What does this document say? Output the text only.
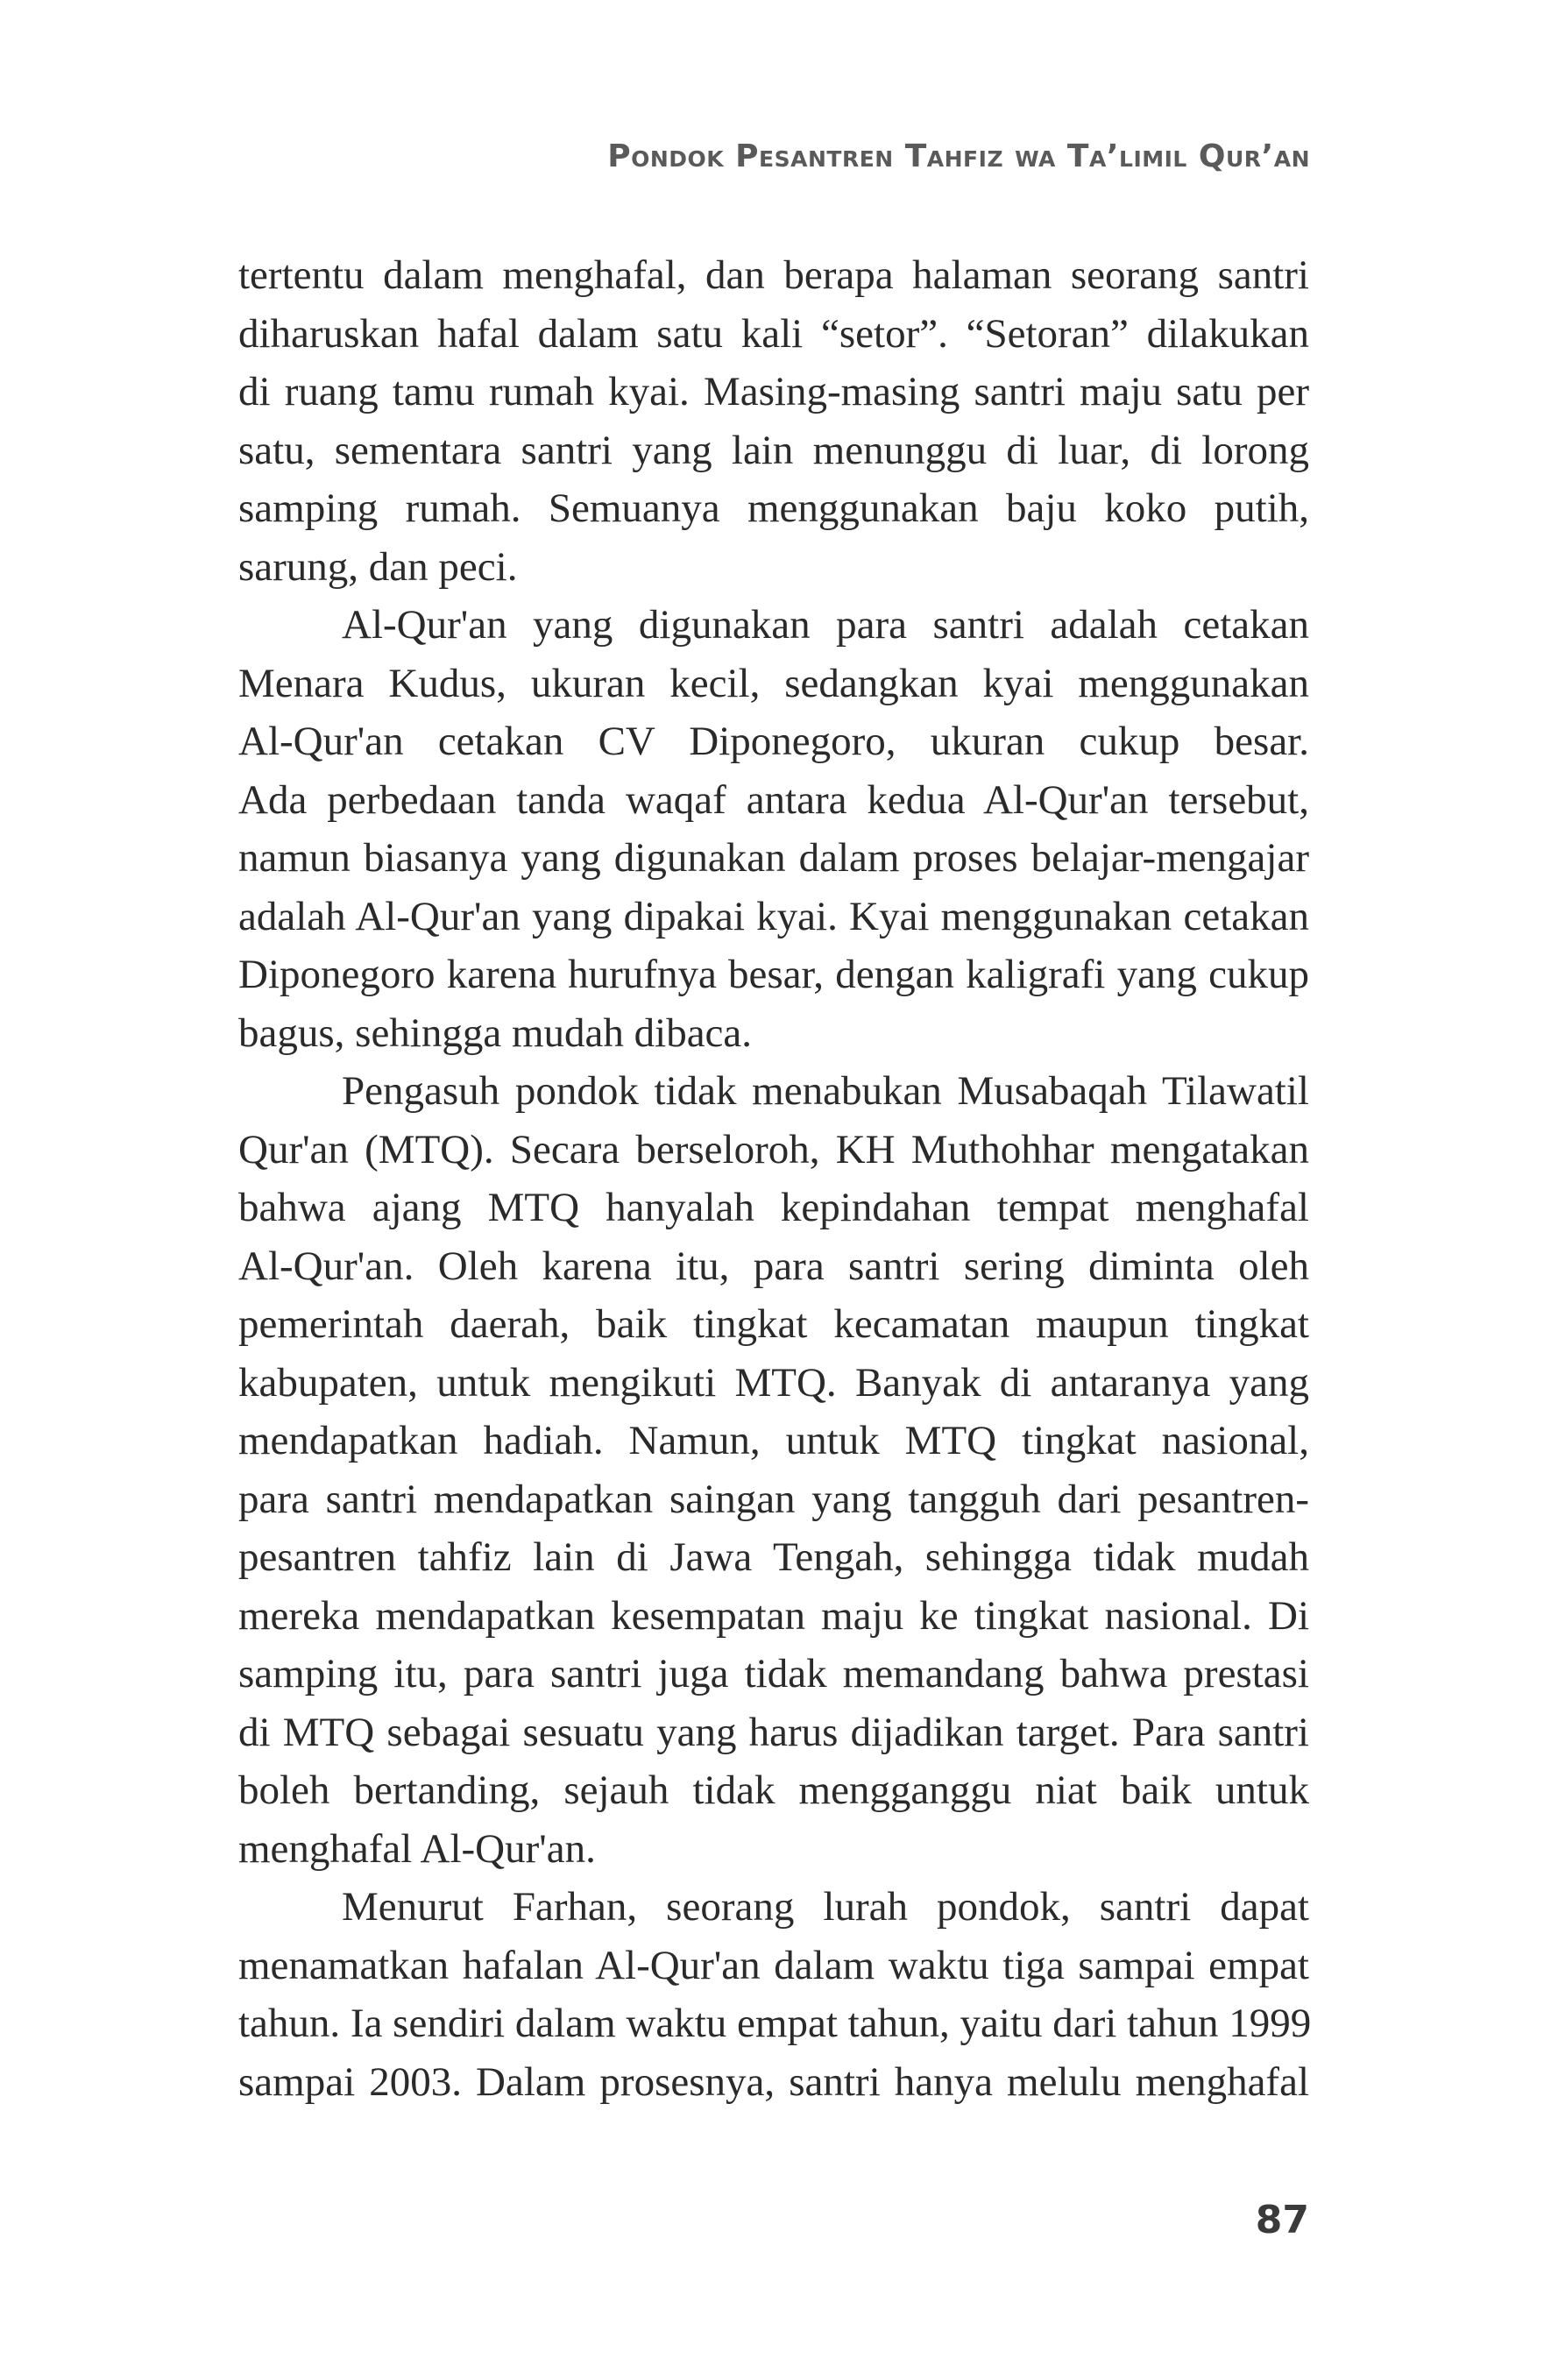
Pondok Pesantren Tahfiz wa Ta’limil Qur’an
tertentu dalam menghafal, dan berapa halaman seorang santri
diharuskan hafal dalam satu kali “setor”. “Setoran” dilakukan
di ruang tamu rumah kyai. Masing-masing santri maju satu per
satu, sementara santri yang lain menunggu di luar, di lorong
samping rumah. Semuanya menggunakan baju koko putih,
sarung, dan peci.
Al-Qur'an yang digunakan para santri adalah cetakan
Menara Kudus, ukuran kecil, sedangkan kyai menggunakan
Al-Qur'an cetakan CV Diponegoro, ukuran cukup besar.
Ada perbedaan tanda waqaf antara kedua Al-Qur'an tersebut,
namun biasanya yang digunakan dalam proses belajar-mengajar
adalah Al-Qur'an yang dipakai kyai. Kyai menggunakan cetakan
Diponegoro karena hurufnya besar, dengan kaligrafi yang cukup
bagus, sehingga mudah dibaca.
Pengasuh pondok tidak menabukan Musabaqah Tilawatil
Qur'an (MTQ). Secara berseloroh, KH Muthohhar mengatakan
bahwa ajang MTQ hanyalah kepindahan tempat menghafal
Al-Qur'an. Oleh karena itu, para santri sering diminta oleh
pemerintah daerah, baik tingkat kecamatan maupun tingkat
kabupaten, untuk mengikuti MTQ. Banyak di antaranya yang
mendapatkan hadiah. Namun, untuk MTQ tingkat nasional,
para santri mendapatkan saingan yang tangguh dari pesantren-
pesantren tahfiz lain di Jawa Tengah, sehingga tidak mudah
mereka mendapatkan kesempatan maju ke tingkat nasional. Di
samping itu, para santri juga tidak memandang bahwa prestasi
di MTQ sebagai sesuatu yang harus dijadikan target. Para santri
boleh bertanding, sejauh tidak mengganggu niat baik untuk
menghafal Al-Qur'an.
Menurut Farhan, seorang lurah pondok, santri dapat
menamatkan hafalan Al-Qur'an dalam waktu tiga sampai empat
tahun. Ia sendiri dalam waktu empat tahun, yaitu dari tahun 1999
sampai 2003. Dalam prosesnya, santri hanya melulu menghafal
87
